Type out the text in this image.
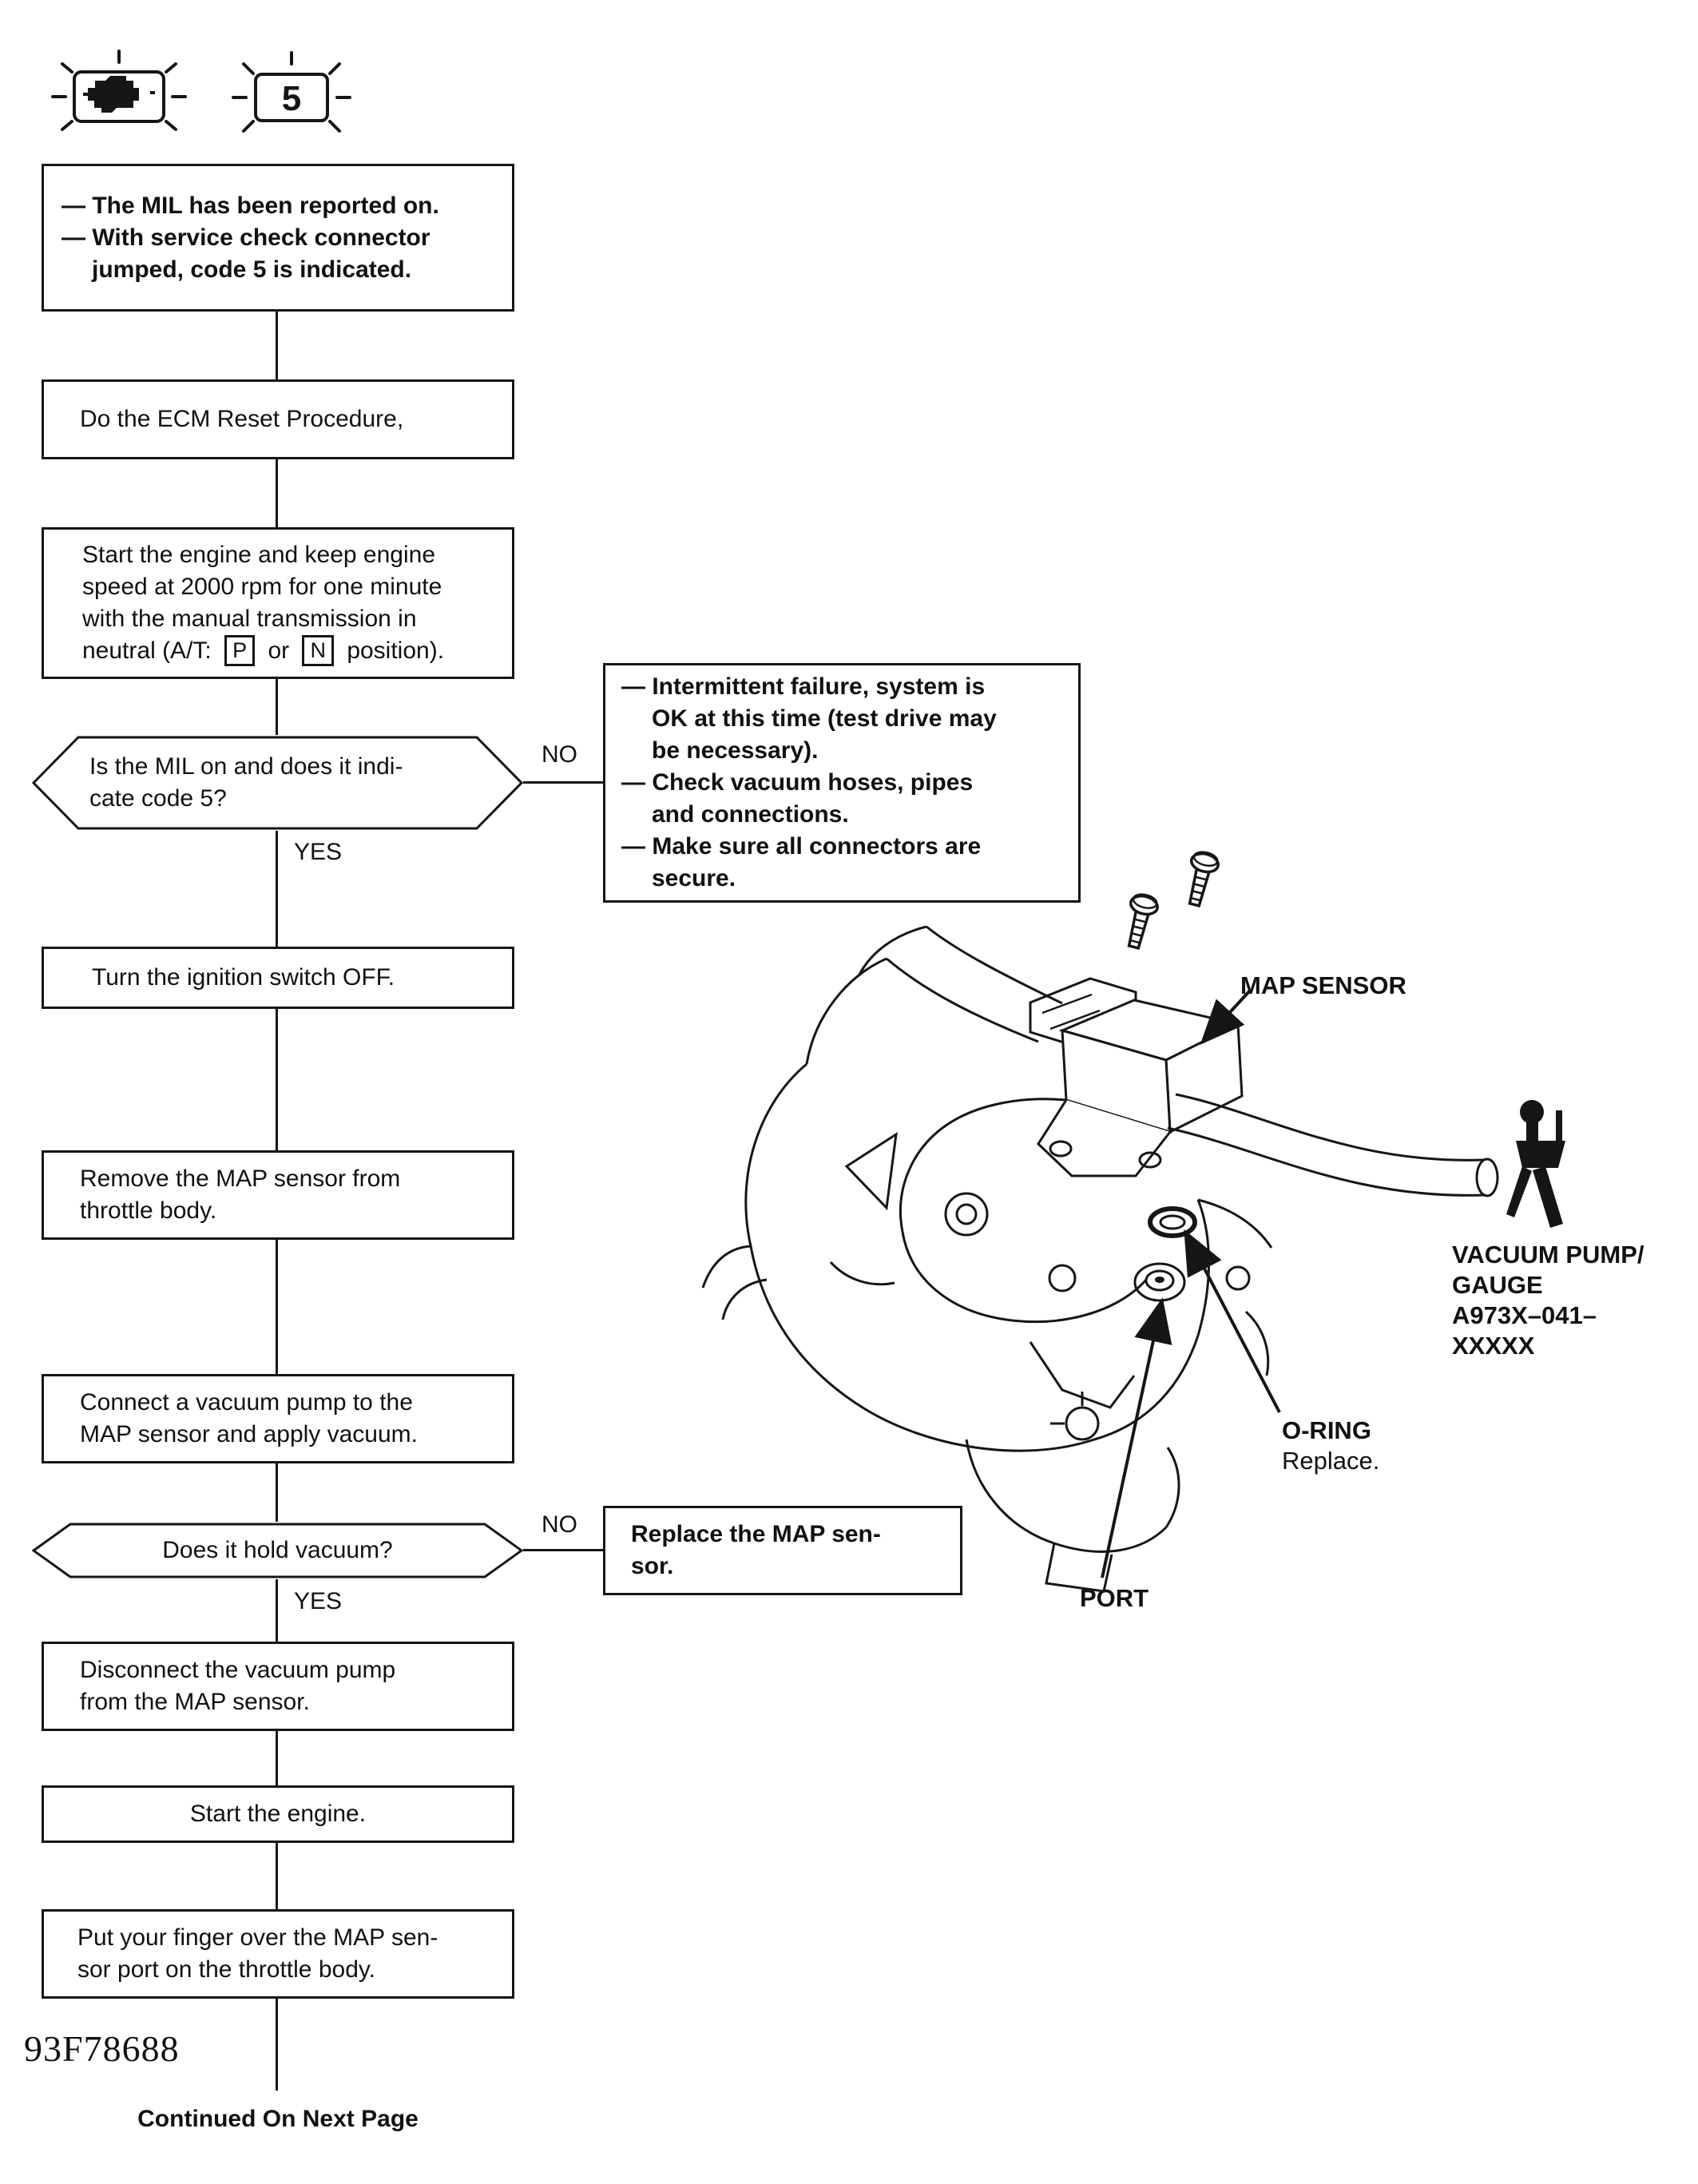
5
— The MIL has been reported on.
— With service check connector
jumped, code 5 is indicated.
Do the ECM Reset Procedure,
Start the engine and keep engine
speed at 2000 rpm for one minute
with the manual transmission in
neutral (A/T: P or N position).
Is the MIL on and does it indi-
cate code 5?
NO
— Intermittent failure, system is
OK at this time (test drive may
be necessary).
— Check vacuum hoses, pipes
and connections.
— Make sure all connectors are
secure.
YES
Turn the ignition switch OFF.
Remove the MAP sensor from
throttle body.
Connect a vacuum pump to the
MAP sensor and apply vacuum.
Does it hold vacuum?
NO Replace the MAP sen-
sor.
YES
Disconnect the vacuum pump
from the MAP sensor.
Start the engine.
Put your finger over the MAP sen-
sor port on the throttle body.
93F78688
Continued On Next Page
MAP SENSOR
VACUUM PUMP/
GAUGE
A973X–041–
XXXXX
O-RING
Replace.
PORT
